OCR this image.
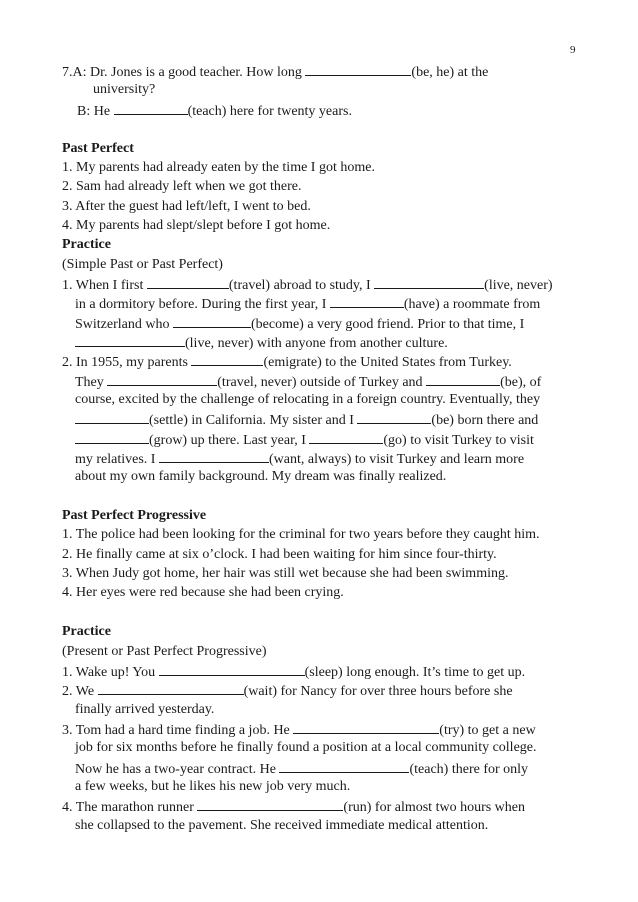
9
7.A: Dr. Jones is a good teacher. How long	(be, he) at the
university?
B: He	(teach) here for twenty years.
Past Perfect
1. My parents had already eaten by the time I got home.
2. Sam had already left when we got there.
3. After the guest had left/left, I went to bed.
4. My parents had slept/slept before I got home.
Practice
(Simple Past or Past Perfect)
1. When I first	(travel) abroad to study, I	(live, never)
in a dormitory before. During the first year, I	(have) a roommate from
Switzerland who	(become) a very good friend. Prior to that time, I
(live, never) with anyone from another culture.
2. In 1955, my parents	(emigrate) to the United States from Turkey.
They	(travel, never) outside of Turkey and	(be), of
course, excited by the challenge of relocating in a foreign country. Eventually, they
(settle) in California. My sister and I	(be) born there and
(grow) up there. Last year, I	(go) to visit Turkey to visit
my relatives. I	(want, always) to visit Turkey and learn more
about my own family background. My dream was finally realized.
Past Perfect Progressive
1. The police had been looking for the criminal for two years before they caught him.
2. He finally came at six o’clock. I had been waiting for him since four-thirty.
3. When Judy got home, her hair was still wet because she had been swimming.
4. Her eyes were red because she had been crying.
Practice
(Present or Past Perfect Progressive)
1. Wake up! You	(sleep) long enough. It’s time to get up.
2. We	(wait) for Nancy for over three hours before she
finally arrived yesterday.
3. Tom had a hard time finding a job. He	(try) to get a new
job for six months before he finally found a position at a local community college.
Now he has a two-year contract. He	(teach) there for only
a few weeks, but he likes his new job very much.
4. The marathon runner	(run) for almost two hours when
she collapsed to the pavement. She received immediate medical attention.
